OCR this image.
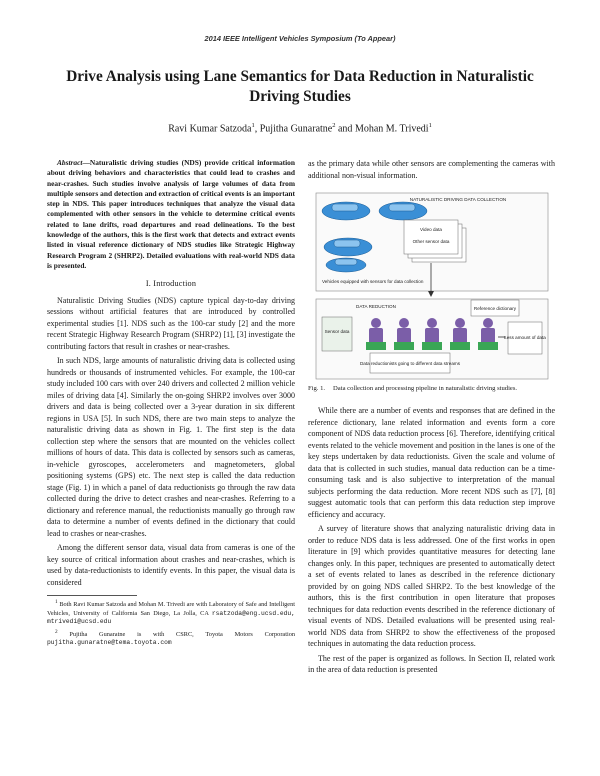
2014 IEEE Intelligent Vehicles Symposium (To Appear)
Drive Analysis using Lane Semantics for Data Reduction in Naturalistic Driving Studies
Ravi Kumar Satzoda$^1$, Pujitha Gunaratne$^2$ and Mohan M. Trivedi$^1$

Abstract—Naturalistic driving studies (NDS) provide critical information about driving behaviors and characteristics that could lead to crashes and near-crashes. Such studies involve analysis of large volumes of data from multiple sensors and detection and extraction of critical events is an important step in NDS. This paper introduces techniques that analyze the visual data complemented with other sensors in the vehicle to determine critical events related to lane drifts, road departures and road delineations. To the best knowledge of the authors, this is the first work that detects and extract events listed in visual reference dictionary of NDS studies like Strategic Highway Research Program 2 (SHRP2). Detailed evaluations with real-world NDS data is presented.

I. Introduction

Naturalistic Driving Studies (NDS) capture typical day-to-day driving sessions without artificial features that are introduced by controlled experimental studies [1]. NDS such as the 100-car study [2] and the more recent Strategic Highway Research Program (SHRP2) [1], [3] investigate the contributing factors that result in crashes or near-crashes.

In such NDS, large amounts of naturalistic driving data is collected using hundreds or thousands of instrumented vehicles. For example, the 100-car study included 100 cars with over 240 drivers and collected 2 million vehicle miles of driving data [4]. Similarly the on-going SHRP2 involves over 3000 drivers and data is being collected over a 3-year duration in six different regions in USA [5]. In such NDS, there are two main steps to analyze the naturalistic driving data as shown in Fig. 1. The first step is the data collection step where the sensors that are mounted on the vehicles collect millions of hours of data. This data is collected by sensors such as cameras, in-vehicle gyroscopes, accelerometers and magnetometers, global positioning systems (GPS) etc. The next step is called the data reduction stage (Fig. 1) in which a panel of data reductionists go through the raw data collected during the drive to detect crashes and near-crashes. Referring to a dictionary and reference manual, the reductionists manually go through raw data to determine a number of events defined in the dictionary that could lead to crashes or near-crashes.

Among the different sensor data, visual data from cameras is one of the key source of critical information about crashes and near-crashes, which is used by data-reductionists to identify events. In this paper, the visual data is considered

$^1$ Both Ravi Kumar Satzoda and Mohan M. Trivedi are with Laboratory of Safe and Intelligent Vehicles, University of California San Diego, La Jolla, CA rsatzoda@eng.ucsd.edu, mtrivedi@ucsd.edu

$^2$ Pujitha Gunaratne is with CSRC, Toyota Motors Corporation pujitha.gunaratne@tema.toyota.com

as the primary data while other sensors are complementing the cameras with additional non-visual information.

NATURALISTIC DRIVING DATA COLLECTION
Video data
Other sensor data
Vehicles equipped with sensors for data collection
DATA REDUCTION	Reference dictionary
Sensor data
Data reductionists going to different data streams
Less amount of data

Fig. 1. Data collection and processing pipeline in naturalistic driving studies.

While there are a number of events and responses that are defined in the reference dictionary, lane related information and events form a core component of NDS data reduction process [6]. Therefore, identifying critical events related to the vehicle movement and position in the lanes is one of the key steps undertaken by data reductionists. Given the scale and volume of data that is collected in such studies, manual data reduction can be a time-consuming task and is also subjective to interpretation of the manual subjects performing the data reduction. More recent NDS such as [7], [8] suggest automatic tools that can perform this data reduction step improve efficiency and accuracy.

A survey of literature shows that analyzing naturalistic driving data in order to reduce NDS data is less addressed. One of the first works in open literature in [9] which provides quantitative measures for detecting lane changes only. In this paper, techniques are presented to automatically detect a set of events related to lanes as described in the reference dictionary provided by on going NDS called SHRP2. To the best knowledge of the authors, this is the first contribution in open literature that proposes techniques for data reduction events described in the reference dictionary of visual events of NDS. Detailed evaluations will be presented using real-world NDS data from SHRP2 to show the effectiveness of the proposed techniques in automating the data reduction process.

The rest of the paper is organized as follows. In Section II, related work in the area of data reduction is presented
